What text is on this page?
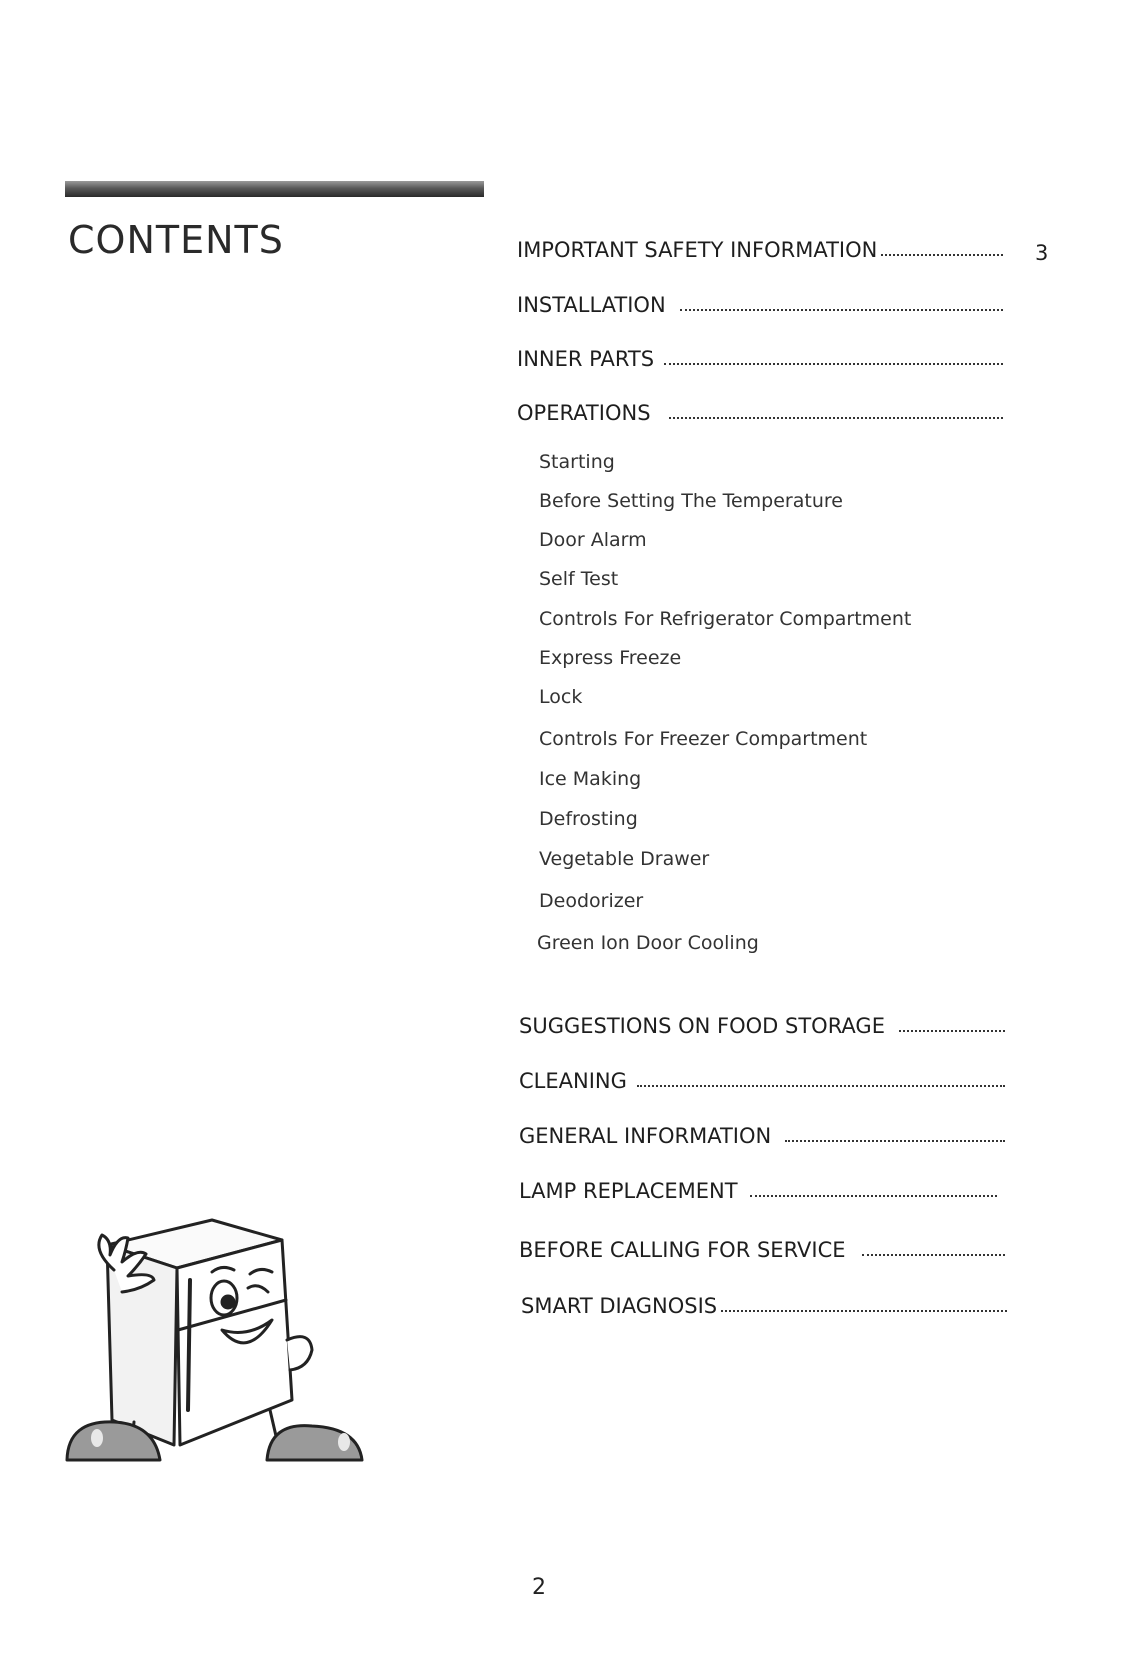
CONTENTS	IMPORTANT SAFETY INFORMATION	3
INSTALLATION
INNER PARTS
OPERATIONS
Starting
Before Setting The Temperature
Door Alarm
Self Test
Controls For Refrigerator Compartment
Express Freeze
Lock
Controls For Freezer Compartment
Ice Making
Defrosting
Vegetable Drawer
Deodorizer
Green Ion Door Cooling
SUGGESTIONS ON FOOD STORAGE
CLEANING
GENERAL INFORMATION
LAMP REPLACEMENT
BEFORE CALLING FOR SERVICE
SMART DIAGNOSIS
2
